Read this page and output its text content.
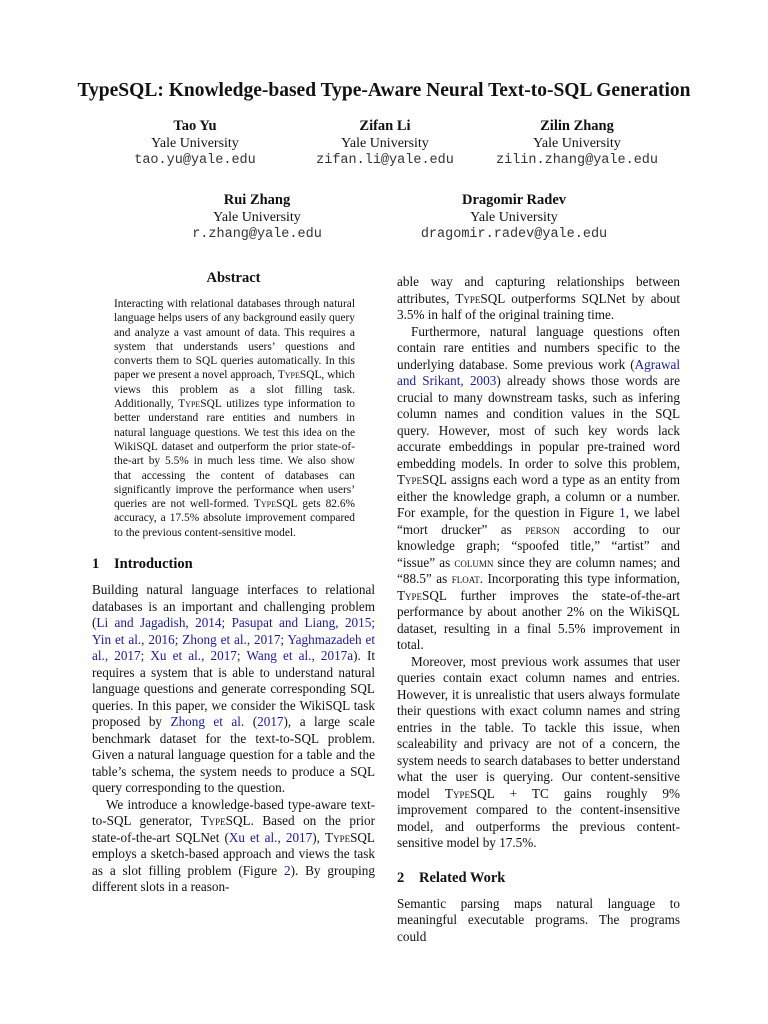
TypeSQL: Knowledge-based Type-Aware Neural Text-to-SQL Generation
Tao Yu
Yale University
tao.yu@yale.edu
Zifan Li
Yale University
zifan.li@yale.edu
Zilin Zhang
Yale University
zilin.zhang@yale.edu
Rui Zhang
Yale University
r.zhang@yale.edu
Dragomir Radev
Yale University
dragomir.radev@yale.edu
Abstract

Interacting with relational databases through natural language helps users of any background easily query and analyze a vast amount of data. This requires a system that understands users’ questions and converts them to SQL queries automatically. In this paper we present a novel approach, TypeSQL, which views this problem as a slot filling task. Additionally, TypeSQL utilizes type information to better understand rare entities and numbers in natural language questions. We test this idea on the WikiSQL dataset and outperform the prior state-of-the-art by 5.5% in much less time. We also show that accessing the content of databases can significantly improve the performance when users’ queries are not well-formed. TypeSQL gets 82.6% accuracy, a 17.5% absolute improvement compared to the previous content-sensitive model.

1 Introduction

Building natural language interfaces to relational databases is an important and challenging problem (Li and Jagadish, 2014; Pasupat and Liang, 2015; Yin et al., 2016; Zhong et al., 2017; Yaghmazadeh et al., 2017; Xu et al., 2017; Wang et al., 2017a). It requires a system that is able to understand natural language questions and generate corresponding SQL queries. In this paper, we consider the WikiSQL task proposed by Zhong et al. (2017), a large scale benchmark dataset for the text-to-SQL problem. Given a natural language question for a table and the table’s schema, the system needs to produce a SQL query corresponding to the question.

We introduce a knowledge-based type-aware text-to-SQL generator, TypeSQL. Based on the prior state-of-the-art SQLNet (Xu et al., 2017), TypeSQL employs a sketch-based approach and views the task as a slot filling problem (Figure 2). By grouping different slots in a reason-

able way and capturing relationships between attributes, TypeSQL outperforms SQLNet by about 3.5% in half of the original training time.

Furthermore, natural language questions often contain rare entities and numbers specific to the underlying database. Some previous work (Agrawal and Srikant, 2003) already shows those words are crucial to many downstream tasks, such as infering column names and condition values in the SQL query. However, most of such key words lack accurate embeddings in popular pre-trained word embedding models. In order to solve this problem, TypeSQL assigns each word a type as an entity from either the knowledge graph, a column or a number. For example, for the question in Figure 1, we label “mort drucker” as person according to our knowledge graph; “spoofed title,” “artist” and “issue” as column since they are column names; and “88.5” as float. Incorporating this type information, TypeSQL further improves the state-of-the-art performance by about another 2% on the WikiSQL dataset, resulting in a final 5.5% improvement in total.

Moreover, most previous work assumes that user queries contain exact column names and entries. However, it is unrealistic that users always formulate their questions with exact column names and string entries in the table. To tackle this issue, when scaleability and privacy are not of a concern, the system needs to search databases to better understand what the user is querying. Our content-sensitive model TypeSQL + TC gains roughly 9% improvement compared to the content-insensitive model, and outperforms the previous content-sensitive model by 17.5%.

2 Related Work

Semantic parsing maps natural language to meaningful executable programs. The programs could
